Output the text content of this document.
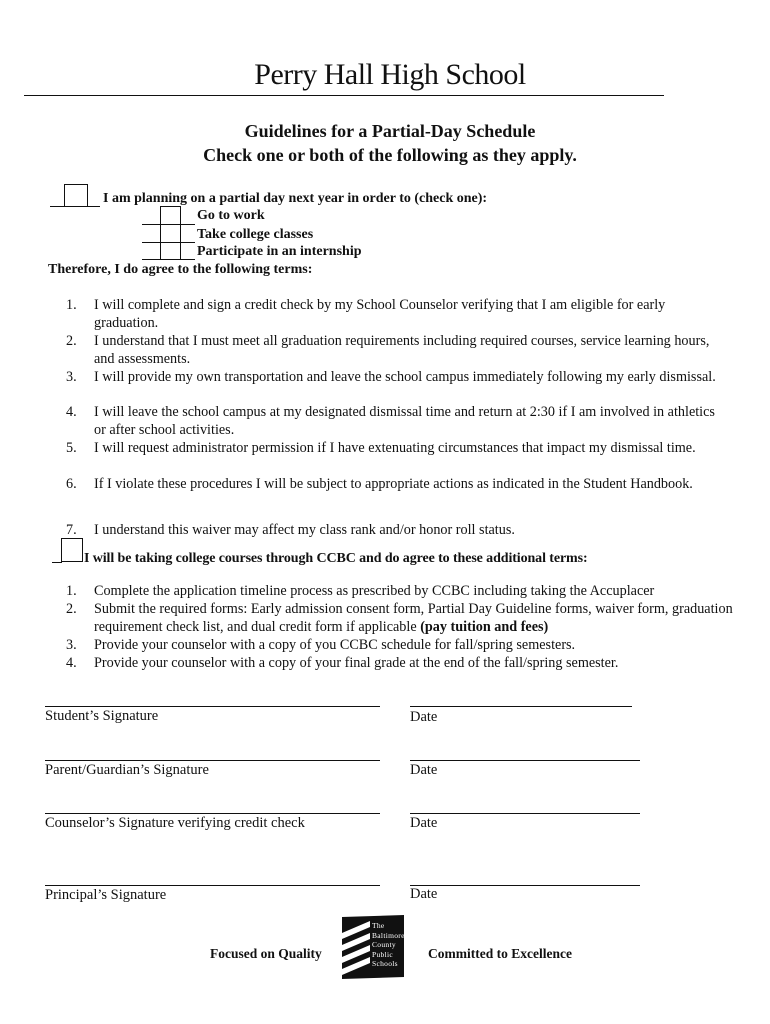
Perry Hall High School
Guidelines for a Partial-Day Schedule
Check one or both of the following as they apply.
I am planning on a partial day next year in order to (check one):
Go to work
Take college classes
Participate in an internship
Therefore, I do agree to the following terms:
1.	I will complete and sign a credit check by my School Counselor verifying that I am eligible for early graduation.
2.	I understand that I must meet all graduation requirements including required courses, service learning hours, and assessments.
3.	I will provide my own transportation and leave the school campus immediately following my early dismissal.
4.	I will leave the school campus at my designated dismissal time and return at 2:30 if I am involved in athletics or after school activities.
5.	I will request administrator permission if I have extenuating circumstances that impact my dismissal time.
6.	If I violate these procedures I will be subject to appropriate actions as indicated in the Student Handbook.
7.	I understand this waiver may affect my class rank and/or honor roll status.
I will be taking college courses through CCBC and do agree to these additional terms:
1.	Complete the application timeline process as prescribed by CCBC including taking the Accuplacer
2.	Submit the required forms: Early admission consent form, Partial Day Guideline forms, waiver form, graduation requirement check list, and dual credit form if applicable (pay tuition and fees)
3.	Provide your counselor with a copy of you CCBC schedule for fall/spring semesters.
4.	Provide your counselor with a copy of your final grade at the end of the fall/spring semester.
Student’s Signature	Date
Parent/Guardian’s Signature	Date
Counselor’s Signature verifying credit check	Date
Principal’s Signature	Date
Focused on Quality
The
Baltimore
County
Public
Schools
Committed to Excellence
